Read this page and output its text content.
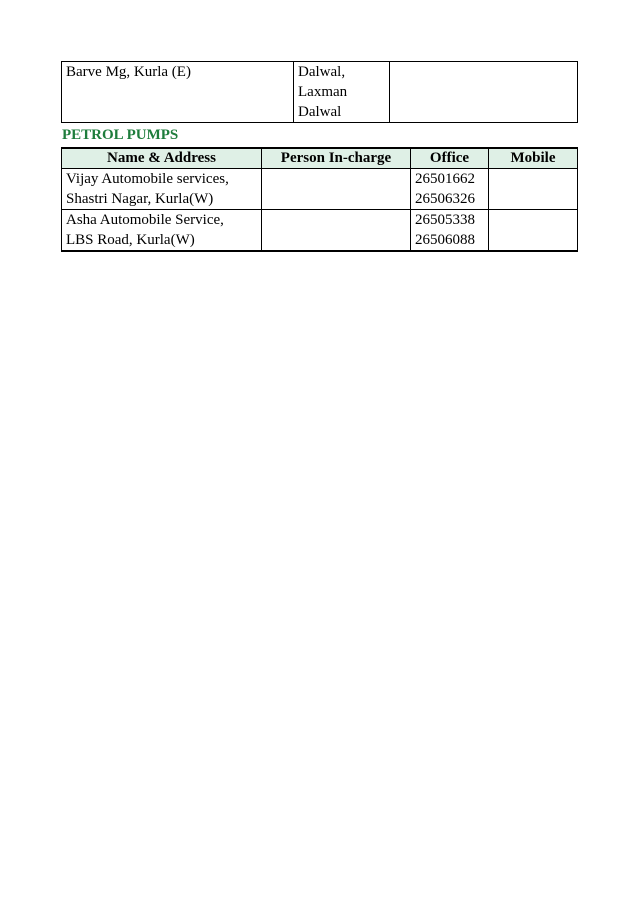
Barve Mg, Kurla (E)	Dalwal,
Laxman
Dalwal

PETROL PUMPS
Name & Address	Person In-charge	Office	Mobile

Vijay Automobile services,
Shastri Nagar, Kurla(W)		26501662
26506326	

Asha Automobile Service,
LBS Road, Kurla(W)		26505338
26506088	
